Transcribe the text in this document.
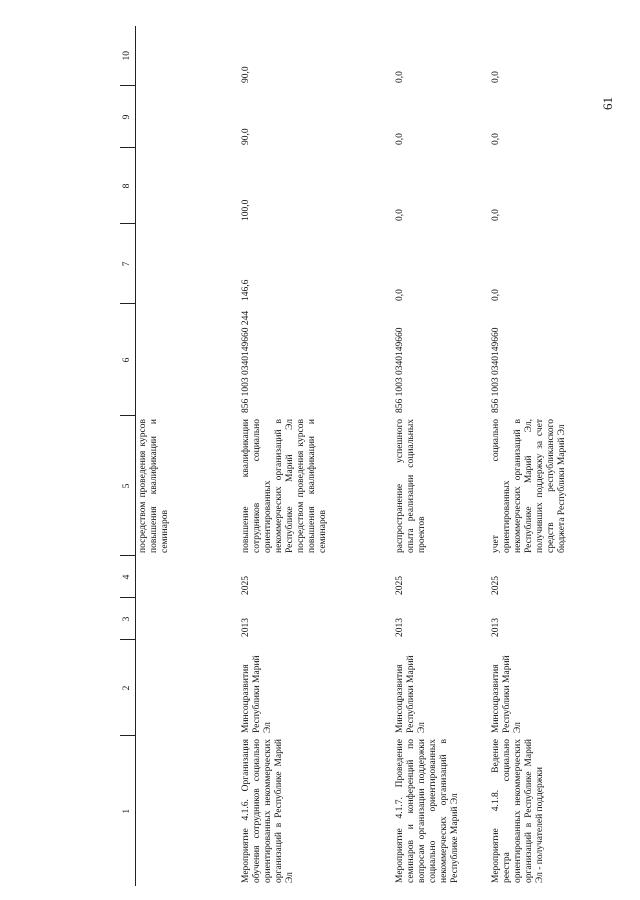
61
1	2	3	4	5	6	7	8	9	10
				посредством проведения курсов повышения квалификации и семинаров					
Мероприятие 4.1.6. Организация обучения сотрудников социально ориентированных некоммерческих организаций в Республике Марий Эл	Минсоцразвития Республики Марий Эл	2013	2025	повышение квалификации сотрудников социально ориентированных некоммерческих организаций в Республике Марий Эл посредством проведения курсов повышения квалификации и семинаров	856 1003 0340149660 244	146,6	100,0	90,0	90,0
Мероприятие 4.1.7. Проведение семинаров и конференций по вопросам организации поддержки социально ориентированных некоммерческих организаций в Республике Марий Эл	Минсоцразвития Республики Марий Эл	2013	2025	распространение успешного опыта реализации социальных проектов	856 1003 0340149660	0,0	0,0	0,0	0,0
Мероприятие 4.1.8. Ведение реестра социально ориентированных некоммерческих организаций в Республике Марий Эл - получателей поддержки	Минсоцразвития Республики Марий Эл	2013	2025	учет социально ориентированных некоммерческих организаций в Республике Марий Эл, получивших поддержку за счет средств республиканского бюджета Республики Марий Эл	856 1003 0340149660	0,0	0,0	0,0	0,0
